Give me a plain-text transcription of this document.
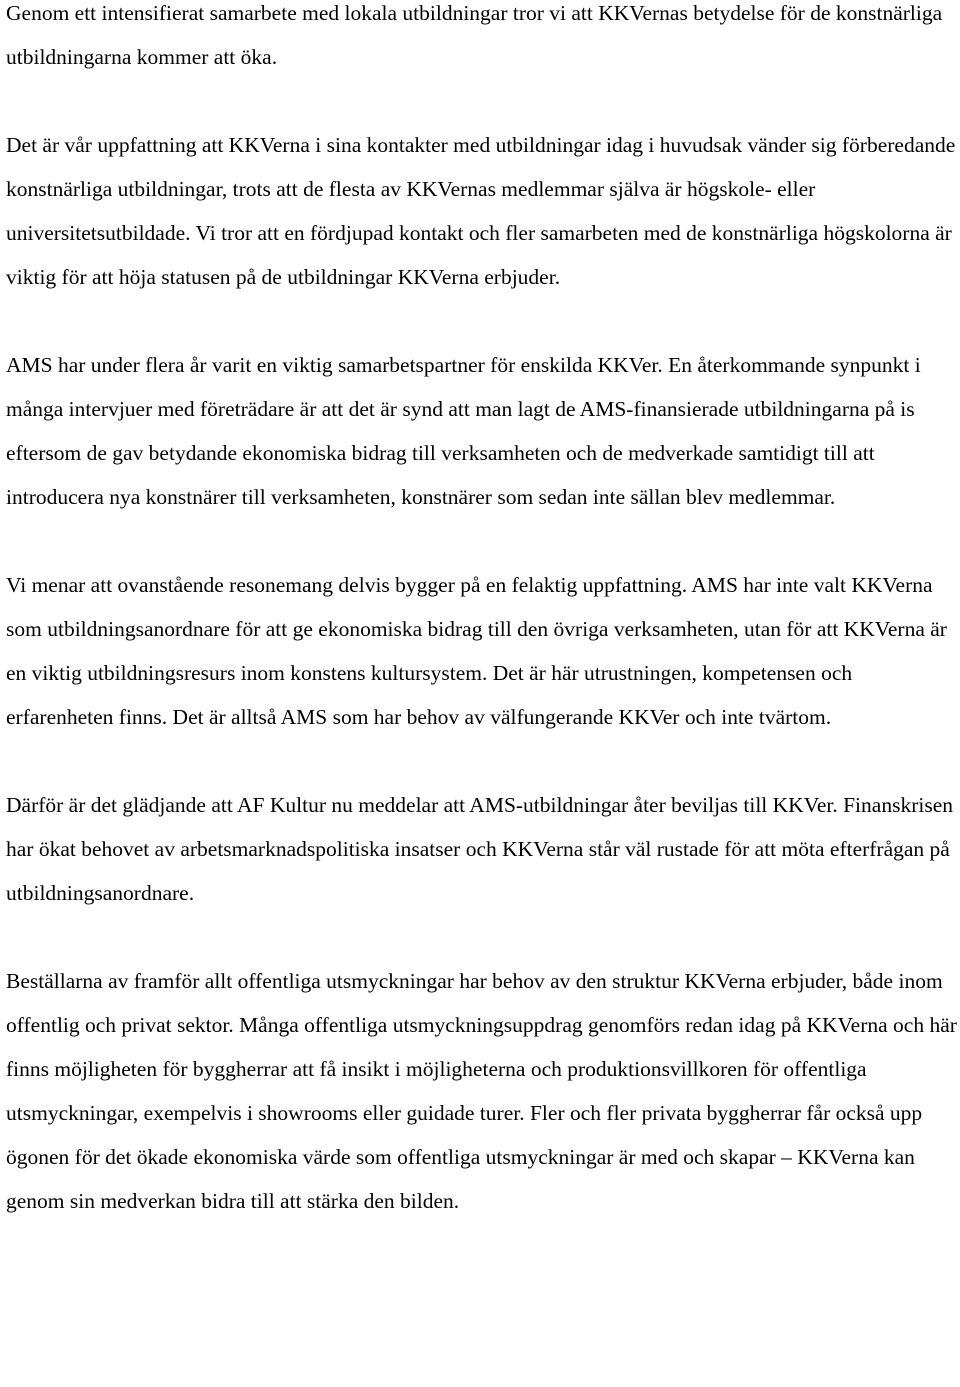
Genom ett intensifierat samarbete med lokala utbildningar tror vi att KKVernas betydelse för de konstnärliga utbildningarna kommer att öka.

Det är vår uppfattning att KKVerna i sina kontakter med utbildningar idag i huvudsak vänder sig förberedande konstnärliga utbildningar, trots att de flesta av KKVernas medlemmar själva är högskole- eller universitetsutbildade. Vi tror att en fördjupad kontakt och fler samarbeten med de konstnärliga högskolorna är viktig för att höja statusen på de utbildningar KKVerna erbjuder.

AMS har under flera år varit en viktig samarbetspartner för enskilda KKVer. En återkommande synpunkt i många intervjuer med företrädare är att det är synd att man lagt de AMS-finansierade utbildningarna på is eftersom de gav betydande ekonomiska bidrag till verksamheten och de medverkade samtidigt till att introducera nya konstnärer till verksamheten, konstnärer som sedan inte sällan blev medlemmar.

Vi menar att ovanstående resonemang delvis bygger på en felaktig uppfattning. AMS har inte valt KKVerna som utbildningsanordnare för att ge ekonomiska bidrag till den övriga verksamheten, utan för att KKVerna är en viktig utbildningsresurs inom konstens kultursystem. Det är här utrustningen, kompetensen och erfarenheten finns. Det är alltså AMS som har behov av välfungerande KKVer och inte tvärtom.

Därför är det glädjande att AF Kultur nu meddelar att AMS-utbildningar åter beviljas till KKVer. Finanskrisen har ökat behovet av arbetsmarknadspolitiska insatser och KKVerna står väl rustade för att möta efterfrågan på utbildningsanordnare.

Beställarna av framför allt offentliga utsmyckningar har behov av den struktur KKVerna erbjuder, både inom offentlig och privat sektor. Många offentliga utsmyckningsuppdrag genomförs redan idag på KKVerna och här finns möjligheten för byggherrar att få insikt i möjligheterna och produktionsvillkoren för offentliga utsmyckningar, exempelvis i showrooms eller guidade turer. Fler och fler privata byggherrar får också upp ögonen för det ökade ekonomiska värde som offentliga utsmyckningar är med och skapar – KKVerna kan genom sin medverkan bidra till att stärka den bilden.
